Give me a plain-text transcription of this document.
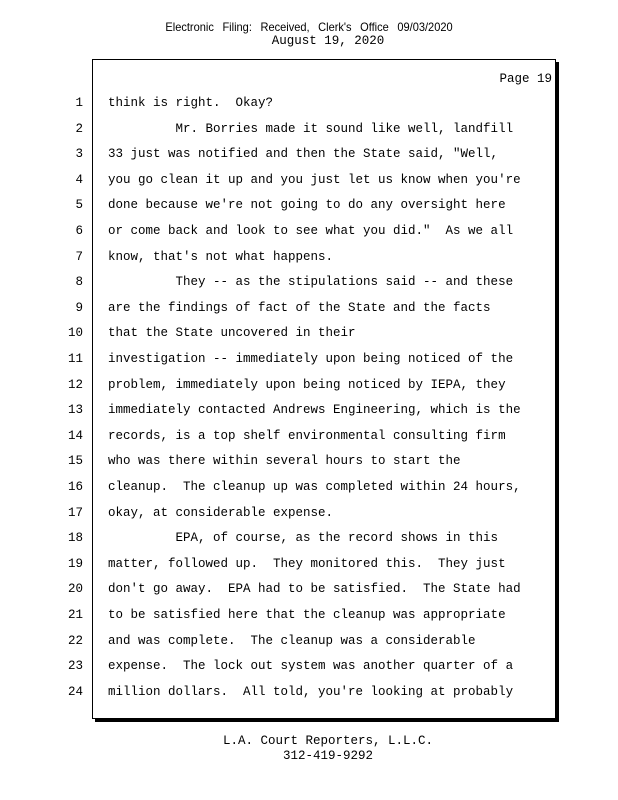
Electronic Filing: Received, Clerk's Office 09/03/2020
August 19, 2020
Page 19
1 think is right.  Okay?
2 Mr. Borries made it sound like well, landfill
3 33 just was notified and then the State said, "Well,
4 you go clean it up and you just let us know when you're
5 done because we're not going to do any oversight here
6 or come back and look to see what you did."  As we all
7 know, that's not what happens.
8 They -- as the stipulations said -- and these
9 are the findings of fact of the State and the facts
10 that the State uncovered in their
11 investigation -- immediately upon being noticed of the
12 problem, immediately upon being noticed by IEPA, they
13 immediately contacted Andrews Engineering, which is the
14 records, is a top shelf environmental consulting firm
15 who was there within several hours to start the
16 cleanup.  The cleanup up was completed within 24 hours,
17 okay, at considerable expense.
18 EPA, of course, as the record shows in this
19 matter, followed up.  They monitored this.  They just
20 don't go away.  EPA had to be satisfied.  The State had
21 to be satisfied here that the cleanup was appropriate
22 and was complete.  The cleanup was a considerable
23 expense.  The lock out system was another quarter of a
24 million dollars.  All told, you're looking at probably
L.A. Court Reporters, L.L.C.
312-419-9292
